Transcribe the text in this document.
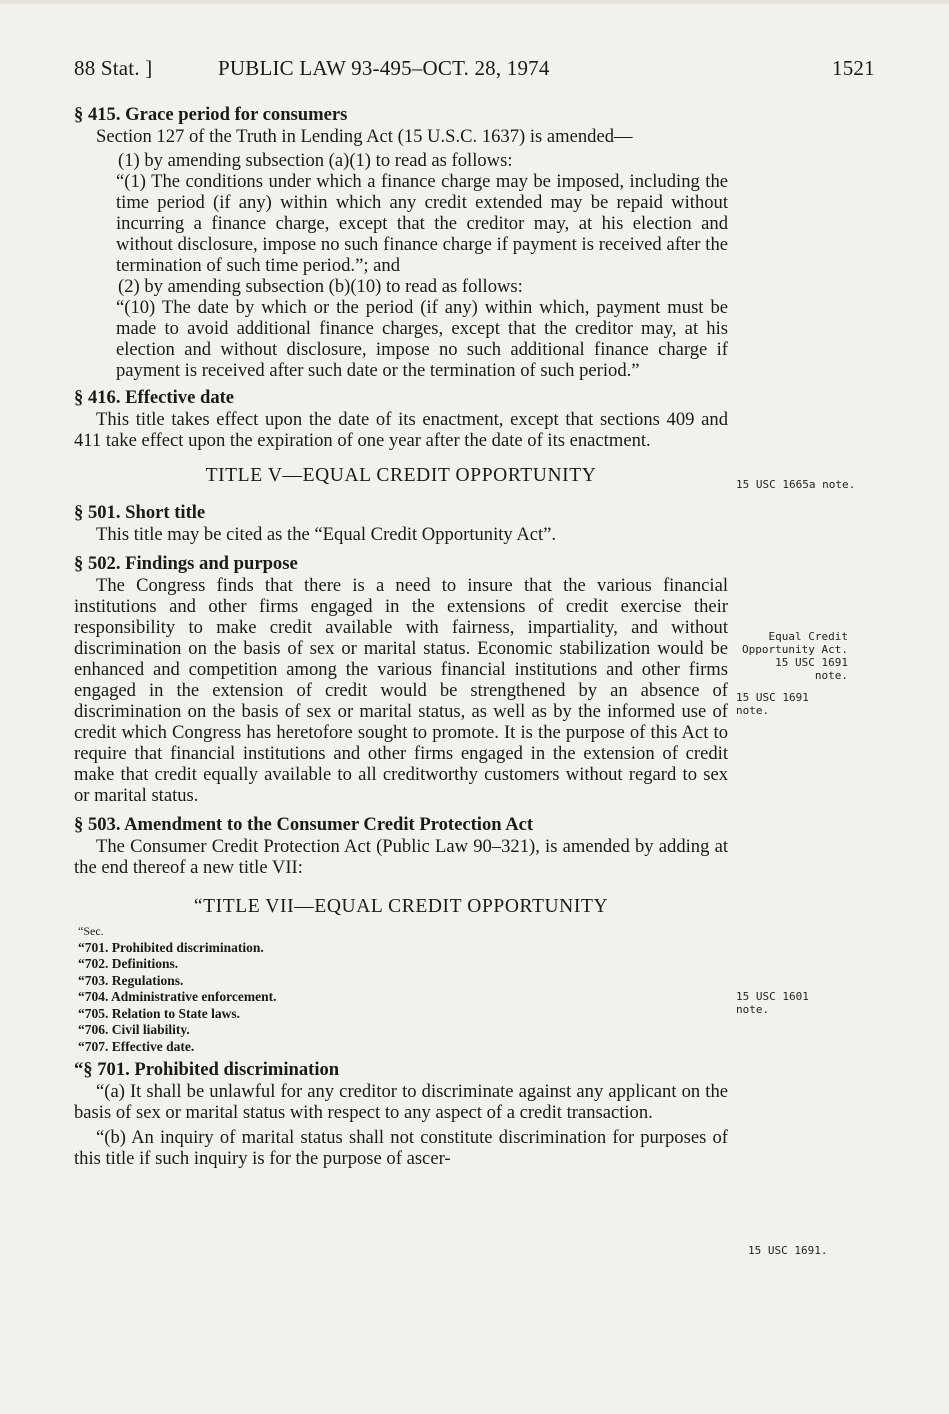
88 Stat. ]	PUBLIC LAW 93-495–OCT. 28, 1974	1521
§ 415. Grace period for consumers

Section 127 of the Truth in Lending Act (15 U.S.C. 1637) is amended—

(1) by amending subsection (a)(1) to read as follows:

“(1) The conditions under which a finance charge may be imposed, including the time period (if any) within which any credit extended may be repaid without incurring a finance charge, except that the creditor may, at his election and without disclosure, impose no such finance charge if payment is received after the termination of such time period.”; and

(2) by amending subsection (b)(10) to read as follows:

“(10) The date by which or the period (if any) within which, payment must be made to avoid additional finance charges, except that the creditor may, at his election and without disclosure, impose no such additional finance charge if payment is received after such date or the termination of such period.”

§ 416. Effective date

This title takes effect upon the date of its enactment, except that sections 409 and 411 take effect upon the expiration of one year after the date of its enactment.

TITLE V—EQUAL CREDIT OPPORTUNITY
§ 501. Short title

This title may be cited as the “Equal Credit Opportunity Act”.

§ 502. Findings and purpose

The Congress finds that there is a need to insure that the various financial institutions and other firms engaged in the extensions of credit exercise their responsibility to make credit available with fairness, impartiality, and without discrimination on the basis of sex or marital status. Economic stabilization would be enhanced and competition among the various financial institutions and other firms engaged in the extension of credit would be strengthened by an absence of discrimination on the basis of sex or marital status, as well as by the informed use of credit which Congress has heretofore sought to promote. It is the purpose of this Act to require that financial institutions and other firms engaged in the extension of credit make that credit equally available to all creditworthy customers without regard to sex or marital status.

§ 503. Amendment to the Consumer Credit Protection Act

The Consumer Credit Protection Act (Public Law 90–321), is amended by adding at the end thereof a new title VII:

“TITLE VII—EQUAL CREDIT OPPORTUNITY
“Sec.
“701. Prohibited discrimination.
“702. Definitions.
“703. Regulations.
“704. Administrative enforcement.
“705. Relation to State laws.
“706. Civil liability.
“707. Effective date.
“§ 701. Prohibited discrimination

“(a) It shall be unlawful for any creditor to discriminate against any applicant on the basis of sex or marital status with respect to any aspect of a credit transaction.

“(b) An inquiry of marital status shall not constitute discrimination for purposes of this title if such inquiry is for the purpose of ascer-

15 USC 1665a note.
Equal Credit Opportunity Act. 15 USC 1691 note.
15 USC 1691 note.
15 USC 1601 note.
15 USC 1691.
